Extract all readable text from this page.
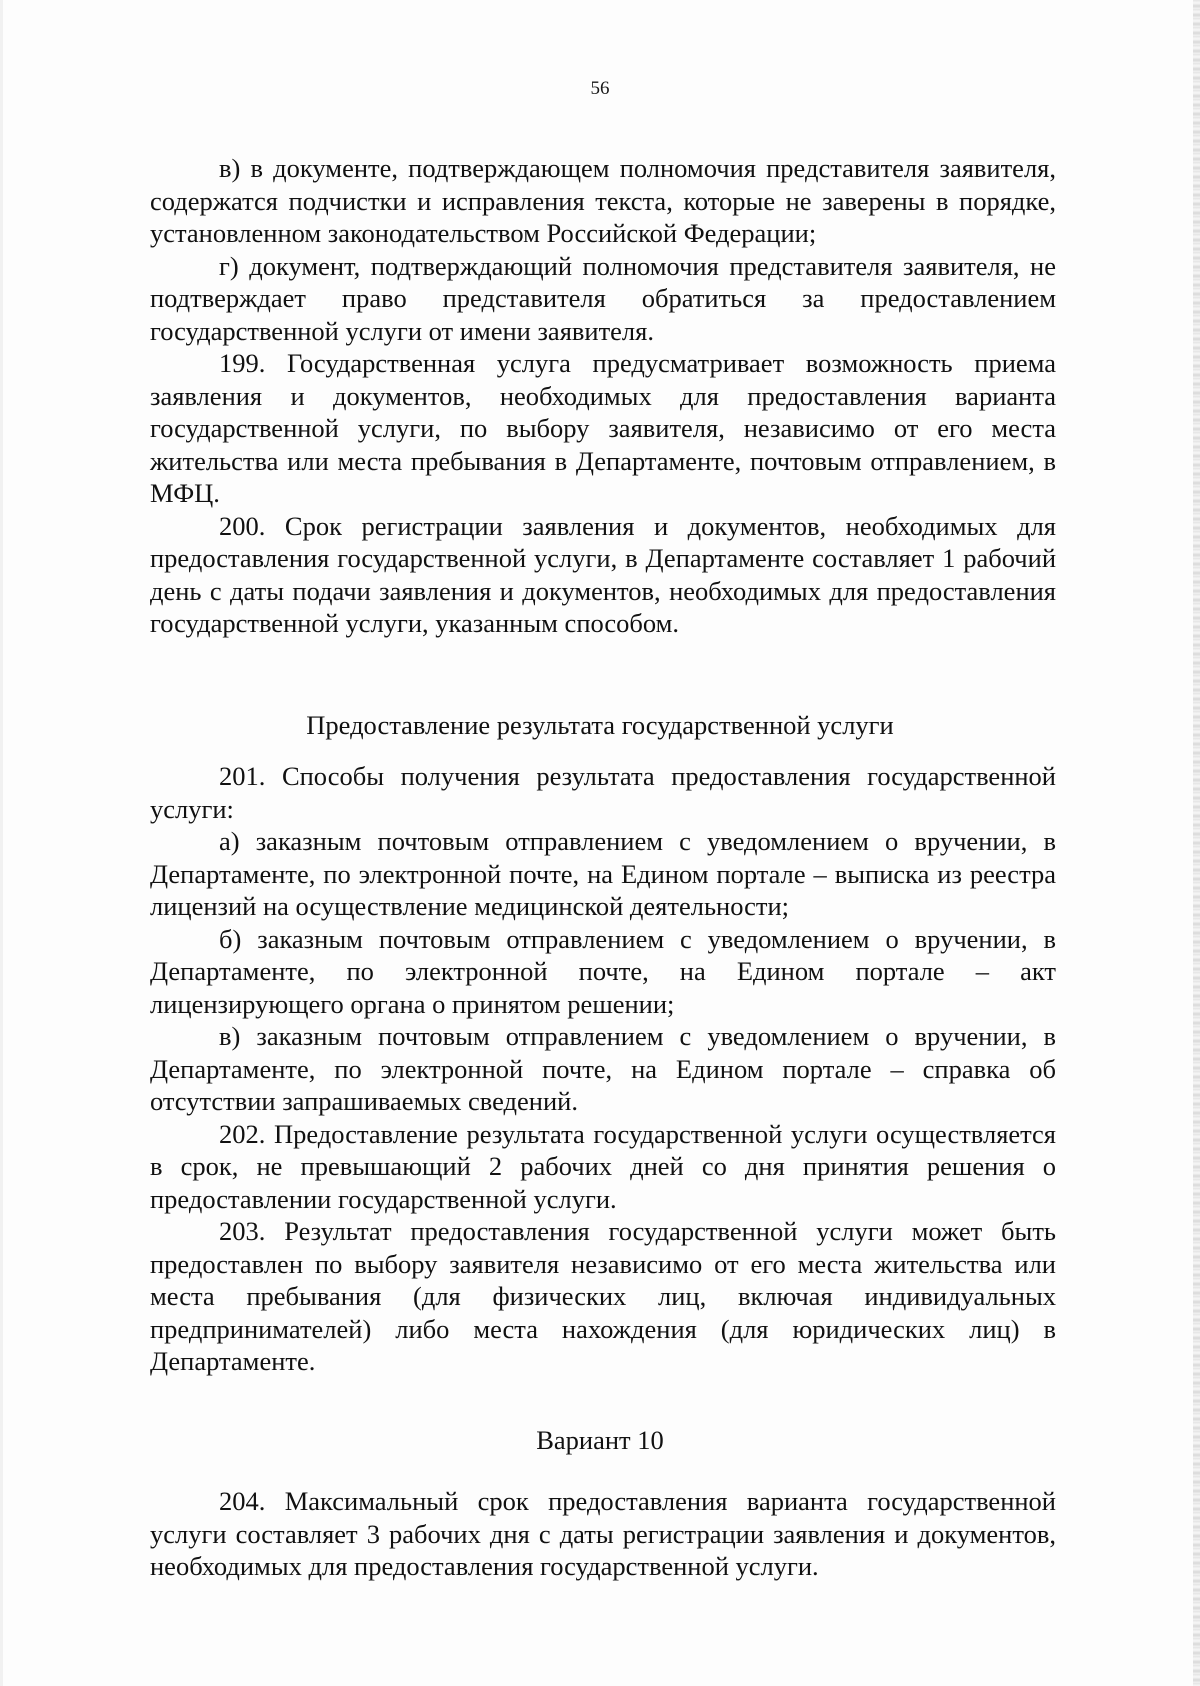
56

в) в документе, подтверждающем полномочия представителя заявителя, содержатся подчистки и исправления текста, которые не заверены в порядке, установленном законодательством Российской Федерации;

г) документ, подтверждающий полномочия представителя заявителя, не подтверждает право представителя обратиться за предоставлением государственной услуги от имени заявителя.

199. Государственная услуга предусматривает возможность приема заявления и документов, необходимых для предоставления варианта государственной услуги, по выбору заявителя, независимо от его места жительства или места пребывания в Департаменте, почтовым отправлением, в МФЦ.

200. Срок регистрации заявления и документов, необходимых для предоставления государственной услуги, в Департаменте составляет 1 рабочий день с даты подачи заявления и документов, необходимых для предоставления государственной услуги, указанным способом.

Предоставление результата государственной услуги

201. Способы получения результата предоставления государственной услуги:

а) заказным почтовым отправлением с уведомлением о вручении, в Департаменте, по электронной почте, на Едином портале – выписка из реестра лицензий на осуществление медицинской деятельности;

б) заказным почтовым отправлением с уведомлением о вручении, в Департаменте, по электронной почте, на Едином портале – акт лицензирующего органа о принятом решении;

в) заказным почтовым отправлением с уведомлением о вручении, в Департаменте, по электронной почте, на Едином портале – справка об отсутствии запрашиваемых сведений.

202. Предоставление результата государственной услуги осуществляется в срок, не превышающий 2 рабочих дней со дня принятия решения о предоставлении государственной услуги.

203. Результат предоставления государственной услуги может быть предоставлен по выбору заявителя независимо от его места жительства или места пребывания (для физических лиц, включая индивидуальных предпринимателей) либо места нахождения (для юридических лиц) в Департаменте.

Вариант 10

204. Максимальный срок предоставления варианта государственной услуги составляет 3 рабочих дня с даты регистрации заявления и документов, необходимых для предоставления государственной услуги.
